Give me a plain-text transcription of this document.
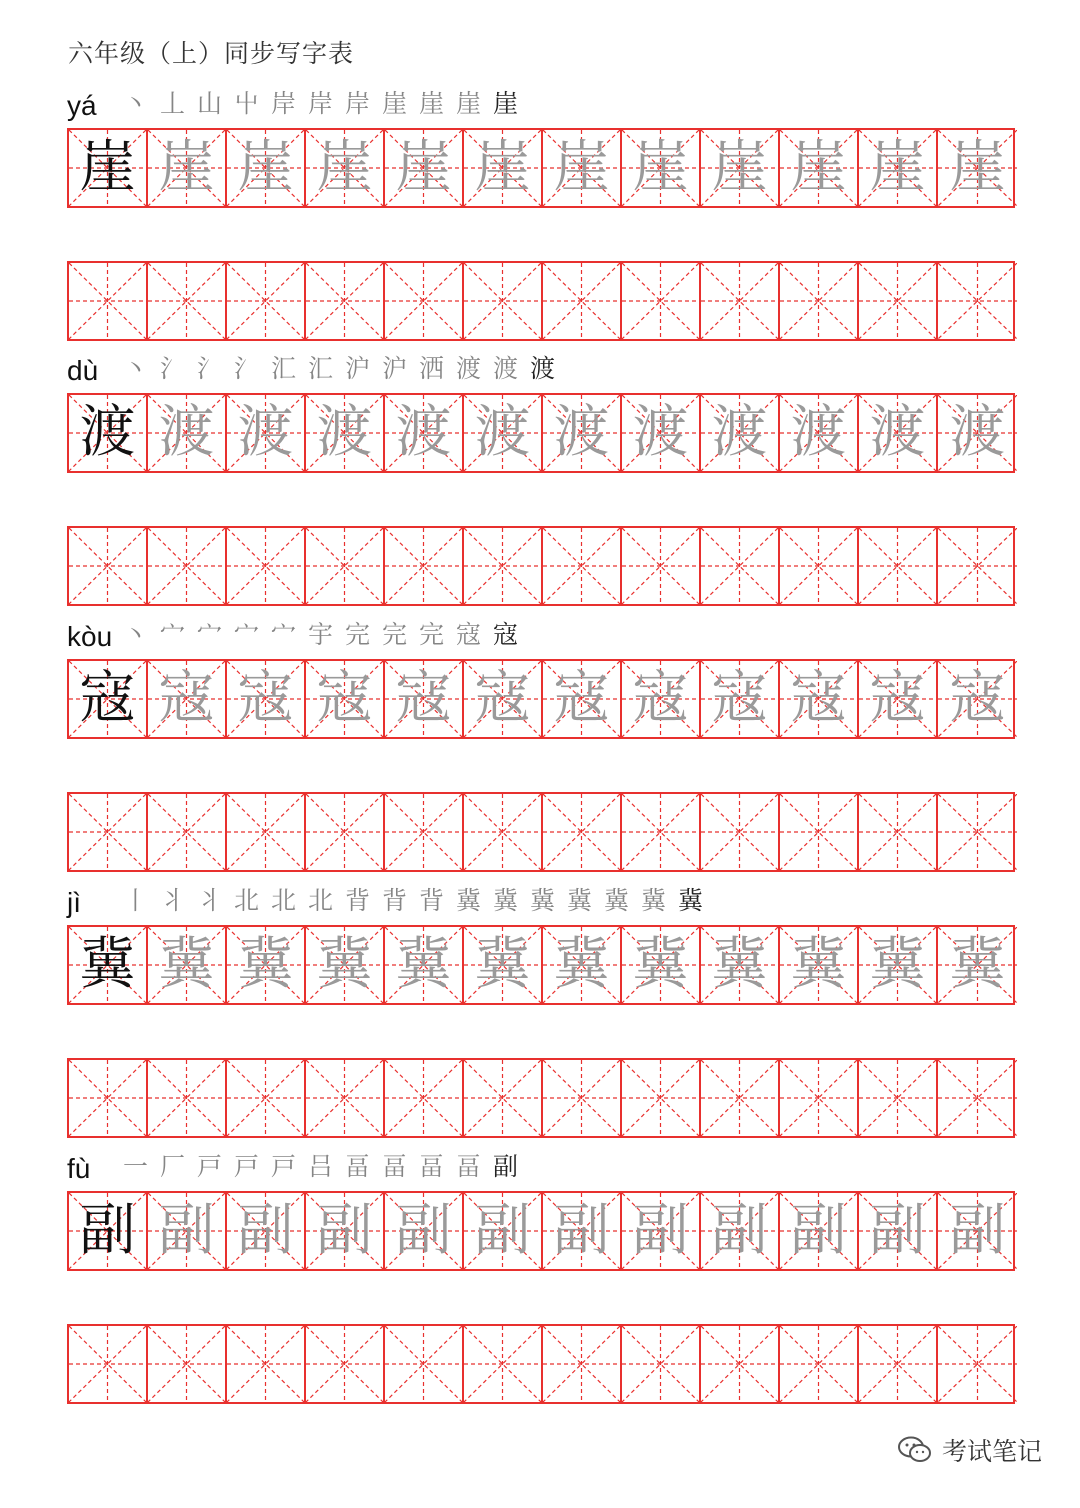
六年级（上）同步写字表
yá 丶 丄 山 屮 岸 岸 岸 崖 崖 崖 崖
崖 崖 崖 崖 崖 崖 崖 崖 崖 崖 崖 崖
dù 丶 氵 氵 氵 汇 汇 沪 沪 洒 渡 渡 渡
渡 渡 渡 渡 渡 渡 渡 渡 渡 渡 渡 渡
kòu 丶 宀 宀 宀 宀 宇 完 完 完 寇 寇
寇 寇 寇 寇 寇 寇 寇 寇 寇 寇 寇 寇
jì 丨 丬 丬 北 北 北 背 背 背 冀 冀 冀 冀 冀 冀 冀
冀 冀 冀 冀 冀 冀 冀 冀 冀 冀 冀 冀
fù 一 厂 戸 戸 戸 吕 畐 畐 畐 畐 副
副 副 副 副 副 副 副 副 副 副 副 副
考试笔记
